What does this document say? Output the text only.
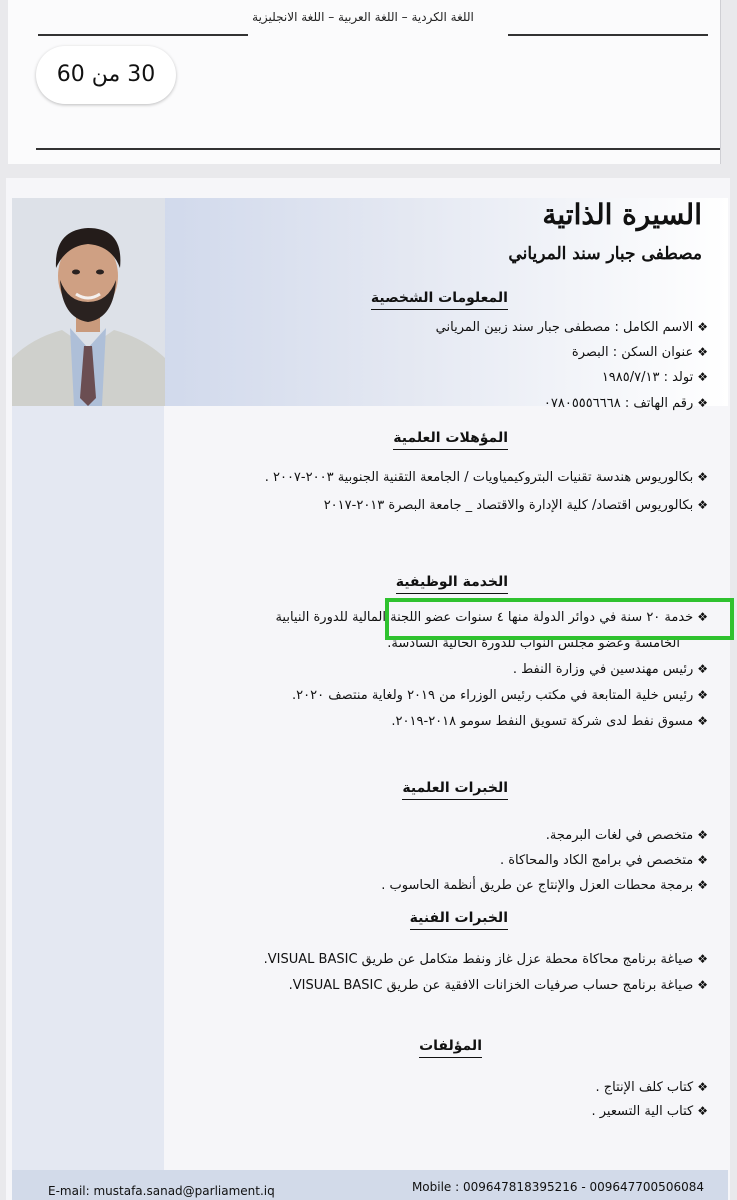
اللغة الكردية – اللغة العربية – اللغة الانجليزية
30 من 60
السيرة الذاتية
مصطفى جبار سند المرياني
المعلومات الشخصية
❖الاسم الكامل : مصطفى جبار سند زبين المرياني
❖عنوان السكن : البصرة
❖تولد : ١٩٨٥/٧/١٣
❖رقم الهاتف : ٠٧٨٠٥٥٥٦٦٦٨
المؤهلات العلمية
❖بكالوريوس هندسة تقنيات البتروكيمياويات / الجامعة التقنية الجنوبية ٢٠٠٣-٢٠٠٧ .
❖بكالوريوس اقتصاد/ كلية الإدارة والاقتصاد _ جامعة البصرة ٢٠١٣-٢٠١٧
الخدمة الوظيفية
❖خدمة ٢٠ سنة في دوائر الدولة منها ٤ سنوات عضو اللجنة المالية للدورة النيابية
الخامسة وعضو مجلس النواب للدورة الحالية السادسة.
❖رئيس مهندسين في وزارة النفط .
❖رئيس خلية المتابعة في مكتب رئيس الوزراء من ٢٠١٩ ولغاية منتصف ٢٠٢٠.
❖مسوق نفط لدى شركة تسويق النفط سومو ٢٠١٨-٢٠١٩.
الخبرات العلمية
❖متخصص في لغات البرمجة.
❖متخصص في برامج الكاد والمحاكاة .
❖برمجة محطات العزل والإنتاج عن طريق أنظمة الحاسوب .
الخبرات الفنية
❖صياغة برنامج محاكاة محطة عزل غاز ونفط متكامل عن طريق VISUAL BASIC.
❖صياغة برنامج حساب صرفيات الخزانات الافقية عن طريق VISUAL BASIC.
المؤلفات
❖كتاب كلف الإنتاج .
❖كتاب الية التسعير .
E-mail: mustafa.sanad@parliament.iq	Mobile : 009647818395216 - 009647700506084
